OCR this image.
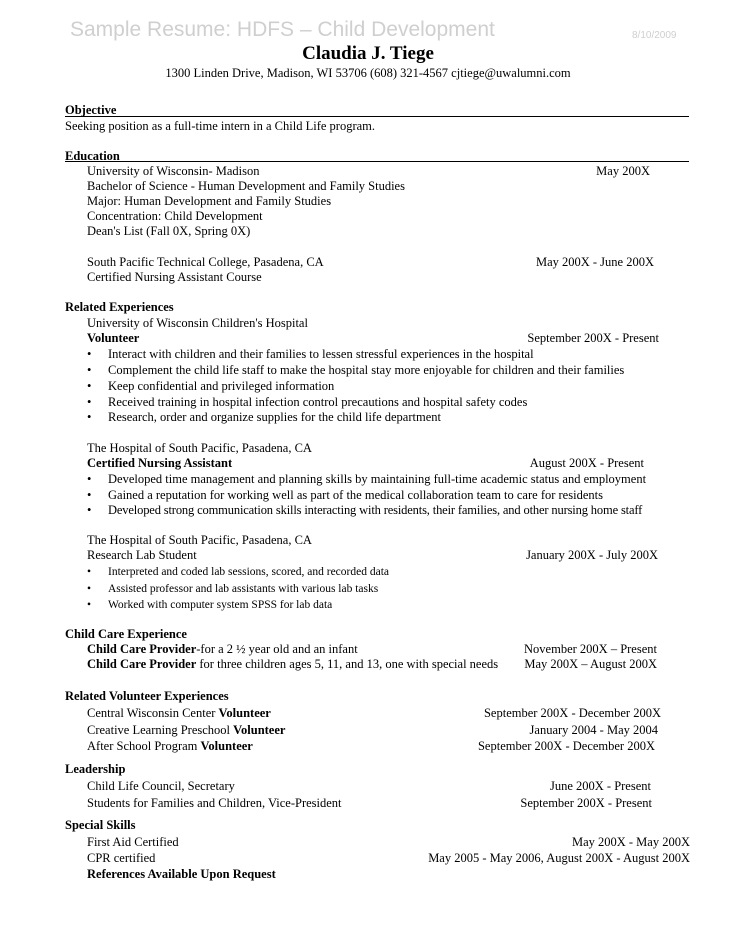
Sample Resume: HDFS – Child Development	8/10/2009
Claudia J. Tiege
1300 Linden Drive, Madison, WI 53706 (608) 321-4567 cjtiege@uwalumni.com
Objective
Seeking position as a full-time intern in a Child Life program.
Education
University of Wisconsin- Madison	May 200X
Bachelor of Science - Human Development and Family Studies
Major: Human Development and Family Studies
Concentration: Child Development
Dean's List (Fall 0X, Spring 0X)
South Pacific Technical College, Pasadena, CA	May 200X - June 200X
Certified Nursing Assistant Course
Related Experiences
University of Wisconsin Children's Hospital
Volunteer	September 200X - Present
• Interact with children and their families to lessen stressful experiences in the hospital
• Complement the child life staff to make the hospital stay more enjoyable for children and their families
• Keep confidential and privileged information
• Received training in hospital infection control precautions and hospital safety codes
• Research, order and organize supplies for the child life department
The Hospital of South Pacific, Pasadena, CA
Certified Nursing Assistant	August 200X - Present
• Developed time management and planning skills by maintaining full-time academic status and employment
• Gained a reputation for working well as part of the medical collaboration team to care for residents
• Developed strong communication skills interacting with residents, their families, and other nursing home staff
The Hospital of South Pacific, Pasadena, CA
Research Lab Student	January 200X - July 200X
• Interpreted and coded lab sessions, scored, and recorded data
• Assisted professor and lab assistants with various lab tasks
• Worked with computer system SPSS for lab data
Child Care Experience
Child Care Provider-for a 2 ½ year old and an infant	November 200X – Present
Child Care Provider for three children ages 5, 11, and 13, one with special needs May 200X – August 200X
Related Volunteer Experiences
Central Wisconsin Center Volunteer	September 200X - December 200X
Creative Learning Preschool Volunteer	January 2004 - May 2004
After School Program Volunteer	September 200X - December 200X
Leadership
Child Life Council, Secretary	June 200X - Present
Students for Families and Children, Vice-President	September 200X - Present
Special Skills
First Aid Certified	May 200X - May 200X
CPR certified	May 2005 - May 2006, August 200X - August 200X
References Available Upon Request
